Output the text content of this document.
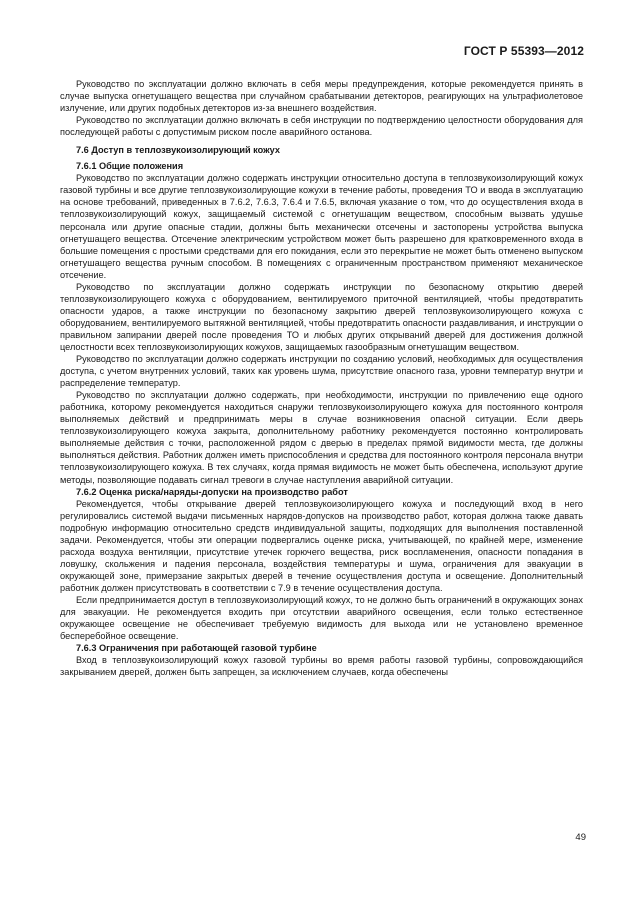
ГОСТ Р 55393—2012

Руководство по эксплуатации должно включать в себя меры предупреждения, которые рекомендуется принять в случае выпуска огнетушащего вещества при случайном срабатывании детекторов, реагирующих на ультрафиолетовое излучение, или других подобных детекторов из-за внешнего воздействия.

Руководство по эксплуатации должно включать в себя инструкции по подтверждению целостности оборудования для последующей работы с допустимым риском после аварийного останова.

7.6 Доступ в теплозвукоизолирующий кожух
7.6.1 Общие положения

Руководство по эксплуатации должно содержать инструкции относительно доступа в теплозвукоизолирующий кожух газовой турбины и все другие теплозвукоизолирующие кожухи в течение работы, проведения ТО и ввода в эксплуатацию на основе требований, приведенных в 7.6.2, 7.6.3, 7.6.4 и 7.6.5, включая указание о том, что до осуществления входа в теплозвукоизолирующий кожух, защищаемый системой с огнетушащим веществом, способным вызвать удушье персонала или другие опасные стадии, должны быть механически отсечены и застопорены устройства выпуска огнетушащего вещества. Отсечение электрическим устройством может быть разрешено для кратковременного входа в большие помещения с простыми средствами для его покидания, если это перекрытие не может быть отменено выпуском огнетушащего вещества ручным способом. В помещениях с ограниченным пространством применяют механическое отсечение.

Руководство по эксплуатации должно содержать инструкции по безопасному открытию дверей теплозвукоизолирующего кожуха с оборудованием, вентилируемого приточной вентиляцией, чтобы предотвратить опасности ударов, а также инструкции по безопасному закрытию дверей теплозвукоизолирующего кожуха с оборудованием, вентилируемого вытяжной вентиляцией, чтобы предотвратить опасности раздавливания, и инструкции о правильном запирании дверей после проведения ТО и любых других открываний дверей для достижения должной целостности всех теплозвукоизолирующих кожухов, защищаемых газообразным огнетушащим веществом.

Руководство по эксплуатации должно содержать инструкции по созданию условий, необходимых для осуществления доступа, с учетом внутренних условий, таких как уровень шума, присутствие опасного газа, уровни температур внутри и распределение температур.

Руководство по эксплуатации должно содержать, при необходимости, инструкции по привлечению еще одного работника, которому рекомендуется находиться снаружи теплозвукоизолирующего кожуха для постоянного контроля выполняемых действий и предпринимать меры в случае возникновения опасной ситуации. Если дверь теплозвукоизолирующего кожуха закрыта, дополнительному работнику рекомендуется постоянно контролировать выполняемые действия с точки, расположенной рядом с дверью в пределах прямой видимости места, где должны выполняться действия. Работник должен иметь приспособления и средства для постоянного контроля персонала внутри теплозвукоизолирующего кожуха. В тех случаях, когда прямая видимость не может быть обеспечена, используют другие методы, позволяющие подавать сигнал тревоги в случае наступления аварийной ситуации.

7.6.2 Оценка риска/наряды-допуски на производство работ

Рекомендуется, чтобы открывание дверей теплозвукоизолирующего кожуха и последующий вход в него регулировались системой выдачи письменных нарядов-допусков на производство работ, которая должна также давать подробную информацию относительно средств индивидуальной защиты, подходящих для выполнения поставленной задачи. Рекомендуется, чтобы эти операции подвергались оценке риска, учитывающей, по крайней мере, изменение расхода воздуха вентиляции, присутствие утечек горючего вещества, риск воспламенения, опасности попадания в ловушку, скольжения и падения персонала, воздействия температуры и шума, ограничения для эвакуации в окружающей зоне, примерзание закрытых дверей в течение осуществления доступа и освещение. Дополнительный работник должен присутствовать в соответствии с 7.9 в течение осуществления доступа.

Если предпринимается доступ в теплозвукоизолирующий кожух, то не должно быть ограничений в окружающих зонах для эвакуации. Не рекомендуется входить при отсутствии аварийного освещения, если только естественное окружающее освещение не обеспечивает требуемую видимость для выхода или не установлено временное бесперебойное освещение.

7.6.3 Ограничения при работающей газовой турбине

Вход в теплозвукоизолирующий кожух газовой турбины во время работы газовой турбины, сопровождающийся закрыванием дверей, должен быть запрещен, за исключением случаев, когда обеспечены

49
